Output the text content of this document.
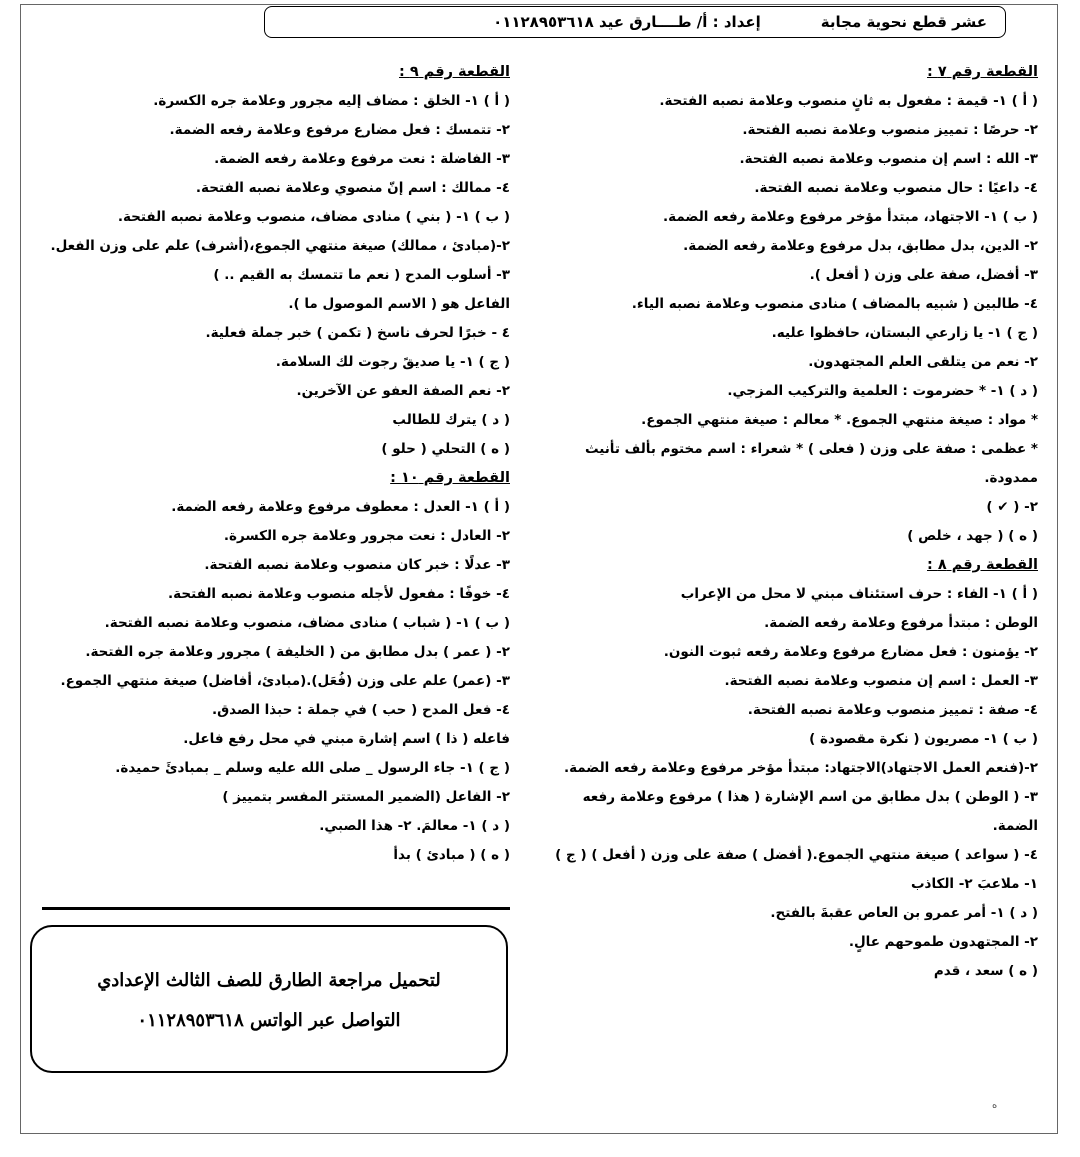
عشر قطع نحوية مجابة
إعداد : أ/ طــــارق عيد ٠١١٢٨٩٥٣٦١٨
القطعة رقم ٧ :
( أ ) ١- قيمة : مفعول به ثانٍ منصوب وعلامة نصبه الفتحة.
٢- حرصًا : تمييز منصوب وعلامة نصبه الفتحة.
٣- الله : اسم إن منصوب وعلامة نصبه الفتحة.
٤- داعيًا : حال منصوب وعلامة نصبه الفتحة.
( ب ) ١- الاجتهاد، مبتدأ مؤخر مرفوع وعلامة رفعه الضمة.
٢- الدين، بدل مطابق، بدل مرفوع وعلامة رفعه الضمة.
٣- أفضل، صفة على وزن ( أفعل ).
٤- طالبين ( شبيه بالمضاف ) منادى منصوب وعلامة نصبه الياء.
( ج ) ١- يا زارعي البستان، حافظوا عليه.
٢- نعم من يتلقى العلم المجتهدون.
( د ) ١- * حضرموت : العلمية والتركيب المزجي.
* مواد : صيغة منتهي الجموع. * معالم : صيغة منتهي الجموع.
* عظمى : صفة على وزن ( فعلى ) * شعراء : اسم مختوم بألف تأنيث
ممدودة.
٢- ( ✔ )
( ه ) ( جهد ، خلص )
القطعة رقم ٨ :
( أ ) ١- الفاء : حرف استئناف مبني لا محل من الإعراب
الوطن : مبتدأ مرفوع وعلامة رفعه الضمة.
٢- يؤمنون : فعل مضارع مرفوع وعلامة رفعه ثبوت النون.
٣- العمل : اسم إن منصوب وعلامة نصبه الفتحة.
٤- صفة : تمييز منصوب وعلامة نصبه الفتحة.
( ب ) ١- مصريون ( نكرة مقصودة )
٢-(فنعم العمل الاجتهاد)الاجتهاد: مبتدأ مؤخر مرفوع وعلامة رفعه الضمة.
٣- ( الوطن ) بدل مطابق من اسم الإشارة ( هذا ) مرفوع وعلامة رفعه
الضمة.
٤- ( سواعد ) صيغة منتهي الجموع.( أفضل ) صفة على وزن ( أفعل ) ( ج )
١- ملاعبَ ٢- الكاذب
( د ) ١- أمر عمرو بن العاص عقبةَ بالفتح.
٢- المجتهدون طموحهم عالٍ.
( ه ) سعد ، قدم
القطعة رقم ٩ :
( أ ) ١- الخلق : مضاف إليه مجرور وعلامة جره الكسرة.
٢- تتمسك : فعل مضارع مرفوع وعلامة رفعه الضمة.
٣- الفاضلة : نعت مرفوع وعلامة رفعه الضمة.
٤- ممالك : اسم إنّ منصوي وعلامة نصبه الفتحة.
( ب ) ١- ( بني ) منادى مضاف، منصوب وعلامة نصبه الفتحة.
٢-(مبادئ ، ممالك) صيغة منتهي الجموع،(أشرف) علم على وزن الفعل.
٣- أسلوب المدح ( نعم ما تتمسك به القيم .. )
الفاعل هو ( الاسم الموصول ما ).
٤ - خبرًا لحرف ناسخ ( تكمن ) خبر جملة فعلية.
( ج ) ١- يا صديقً رجوت لك السلامة.
٢- نعم الصفة العفو عن الآخرين.
( د ) يترك للطالب
( ه ) التحلي ( حلو )
القطعة رقم ١٠ :
( أ ) ١- العدل : معطوف مرفوع وعلامة رفعه الضمة.
٢- العادل : نعت مجرور وعلامة جره الكسرة.
٣- عدلًا : خبر كان منصوب وعلامة نصبه الفتحة.
٤- خوفًا : مفعول لأجله منصوب وعلامة نصبه الفتحة.
( ب ) ١- ( شباب ) منادى مضاف، منصوب وعلامة نصبه الفتحة.
٢- ( عمر ) بدل مطابق من ( الخليفة ) مجرور وعلامة جره الفتحة.
٣- (عمر) علم على وزن (فُعَل).(مبادئ، أفاضل) صيغة منتهي الجموع.
٤- فعل المدح ( حب ) في جملة : حبذا الصدق.
فاعله ( ذا ) اسم إشارة مبني في محل رفع فاعل.
( ج ) ١- جاء الرسول _ صلى الله عليه وسلم _ بمبادئَ حميدة.
٢- الفاعل (الضمير المستتر المفسر بتمييز )
( د ) ١- معالمَ. ٢- هذا الصبي.
( ه ) ( مبادئ ) بدأ
لتحميل مراجعة الطارق للصف الثالث الإعدادي
التواصل عبر الواتس ٠١١٢٨٩٥٣٦١٨
ه
